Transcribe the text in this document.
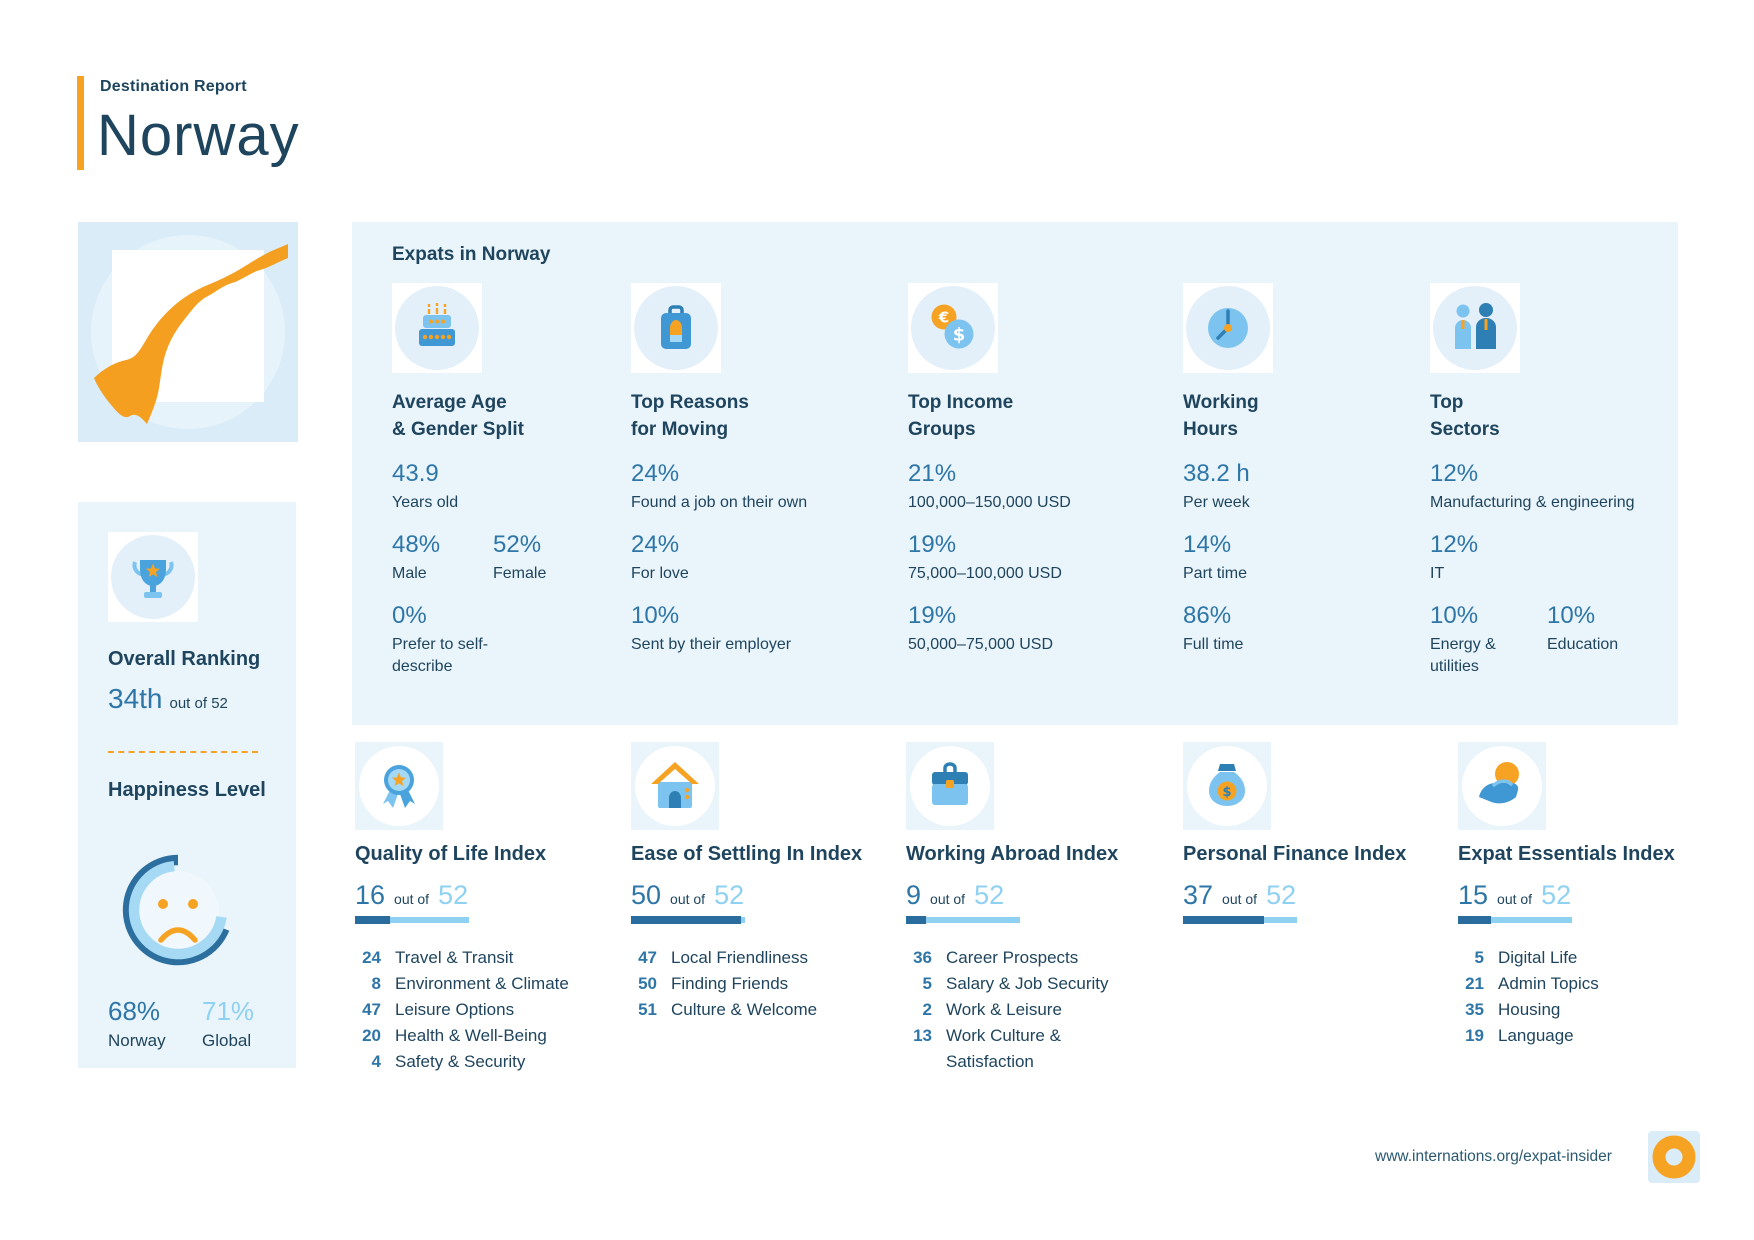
Destination Report
Norway
Overall Ranking
34th out of 52
Happiness Level
68%
Norway
71%
Global
Expats in Norway
Average Age
& Gender Split
43.9
Years old
48%
Male
52%
Female
0%
Prefer to self-describe
Top Reasons
for Moving
24%
Found a job on their own
24%
For love
10%
Sent by their employer
€
$
Top Income
Groups
21%
100,000–150,000 USD
19%
75,000–100,000 USD
19%
50,000–75,000 USD
Working
Hours
38.2 h
Per week
14%
Part time
86%
Full time
Top
Sectors
12%
Manufacturing & engineering
12%
IT
10%
Energy & utilities
10%
Education
Quality of Life Index
16 out of 52
24 Travel & Transit
8 Environment & Climate
47 Leisure Options
20 Health & Well-Being
4 Safety & Security
Ease of Settling In Index
50 out of 52
47 Local Friendliness
50 Finding Friends
51 Culture & Welcome
Working Abroad Index
9 out of 52
36 Career Prospects
5 Salary & Job Security
2 Work & Leisure
13 Work Culture & Satisfaction
$
Personal Finance Index
37 out of 52
Expat Essentials Index
15 out of 52
5 Digital Life
21 Admin Topics
35 Housing
19 Language
www.internations.org/expat-insider
